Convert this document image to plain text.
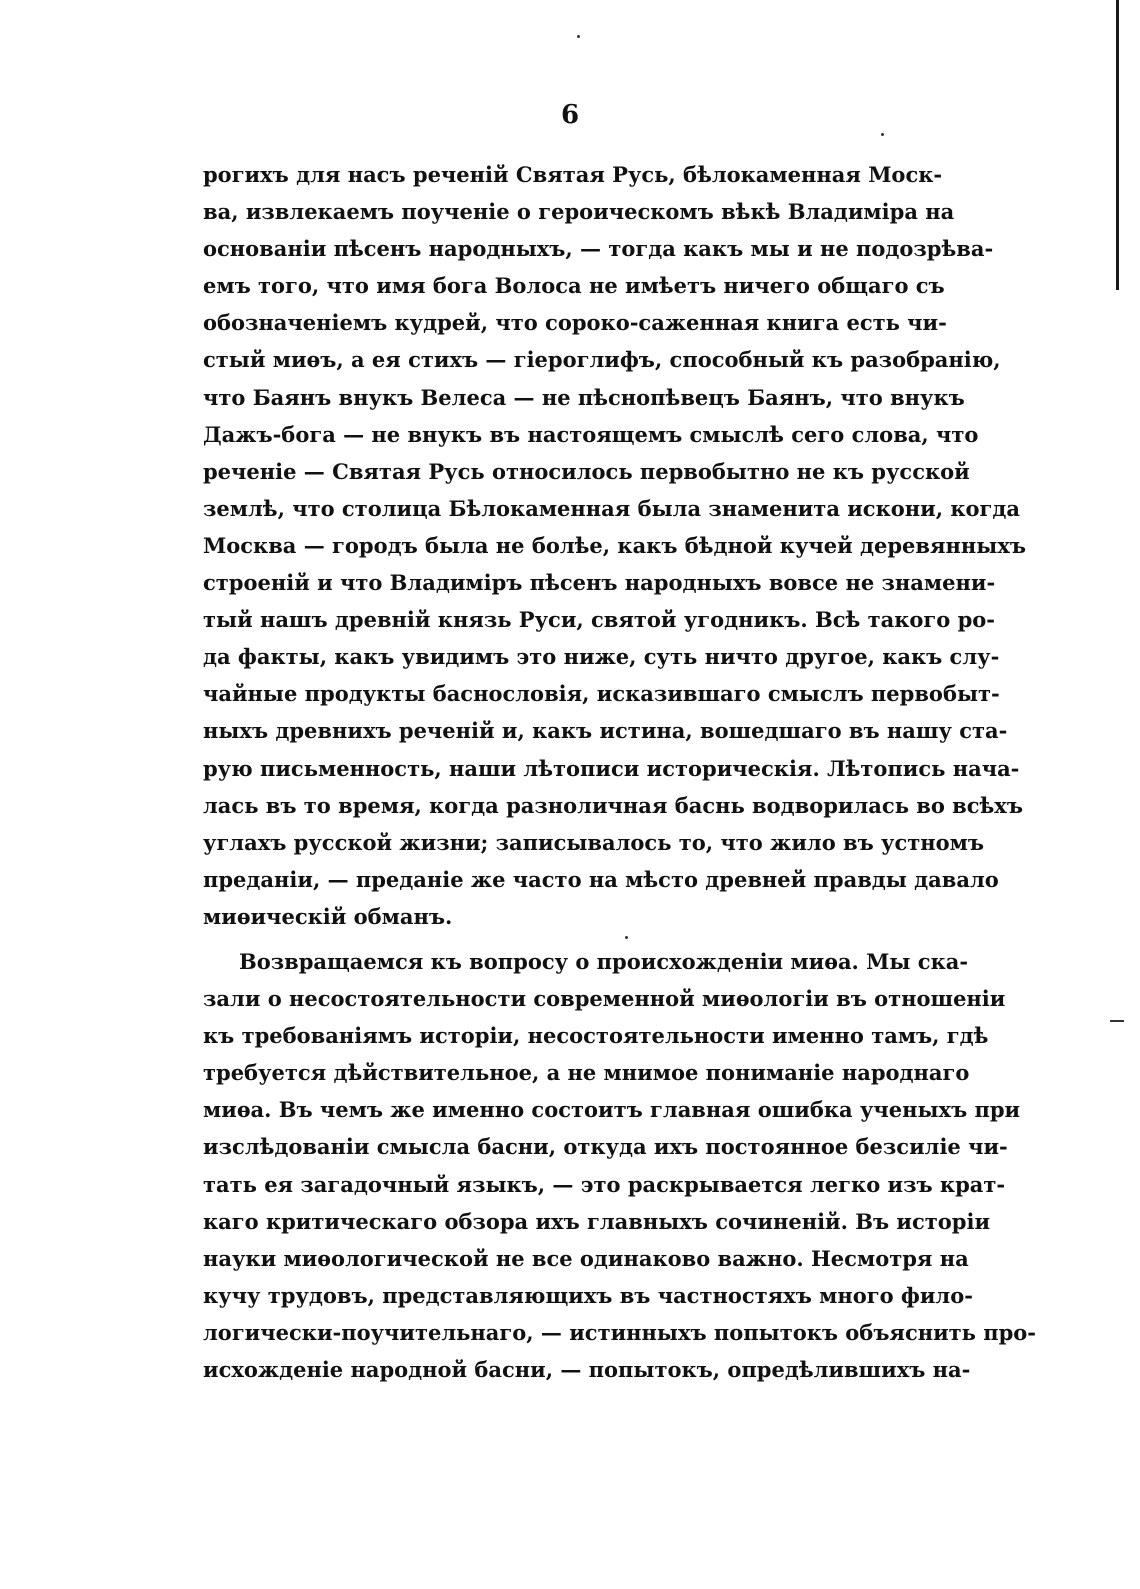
6
рогихъ для насъ реченій Святая Русь, бѣлокаменная Моск-
ва, извлекаемъ поученіе о героическомъ вѣкѣ Владиміра на
основаніи пѣсенъ народныхъ, — тогда какъ мы и не подозрѣва-
емъ того, что имя бога Волоса не имѣетъ ничего общаго съ
обозначеніемъ кудрей, что сороко-саженная книга есть чи-
стый миѳъ, а ея стихъ — гіероглифъ, способный къ разобранію,
что Баянъ внукъ Велеса — не пѣснопѣвецъ Баянъ, что внукъ
Дажъ-бога — не внукъ въ настоящемъ смыслѣ сего слова, что
реченіе — Святая Русь относилось первобытно не къ русской
землѣ, что столица Бѣлокаменная была знаменита искони, когда
Москва — городъ была не болѣе, какъ бѣдной кучей деревянныхъ
строеній и что Владиміръ пѣсенъ народныхъ вовсе не знамени-
тый нашъ древній князь Руси, святой угодникъ. Всѣ такого ро-
да факты, какъ увидимъ это ниже, суть ничто другое, какъ слу-
чайные продукты баснословія, исказившаго смыслъ первобыт-
ныхъ древнихъ реченій и, какъ истина, вошедшаго въ нашу ста-
рую письменность, наши лѣтописи историческія. Лѣтопись нача-
лась въ то время, когда разноличная баснь водворилась во всѣхъ
углахъ русской жизни; записывалось то, что жило въ устномъ
преданіи, — преданіе же часто на мѣсто древней правды давало
миѳическій обманъ.
Возвращаемся къ вопросу о происхожденіи миѳа. Мы ска-
зали о несостоятельности современной миѳологіи въ отношеніи
къ требованіямъ исторіи, несостоятельности именно тамъ, гдѣ
требуется дѣйствительное, а не мнимое пониманіе народнаго
миѳа. Въ чемъ же именно состоитъ главная ошибка ученыхъ при
изслѣдованіи смысла басни, откуда ихъ постоянное безсиліе чи-
тать ея загадочный языкъ, — это раскрывается легко изъ крат-
каго критическаго обзора ихъ главныхъ сочиненій. Въ исторіи
науки миѳологической не все одинаково важно. Несмотря на
кучу трудовъ, представляющихъ въ частностяхъ много фило-
логически-поучительнаго, — истинныхъ попытокъ объяснить про-
исхожденіе народной басни, — попытокъ, опредѣлившихъ на-
